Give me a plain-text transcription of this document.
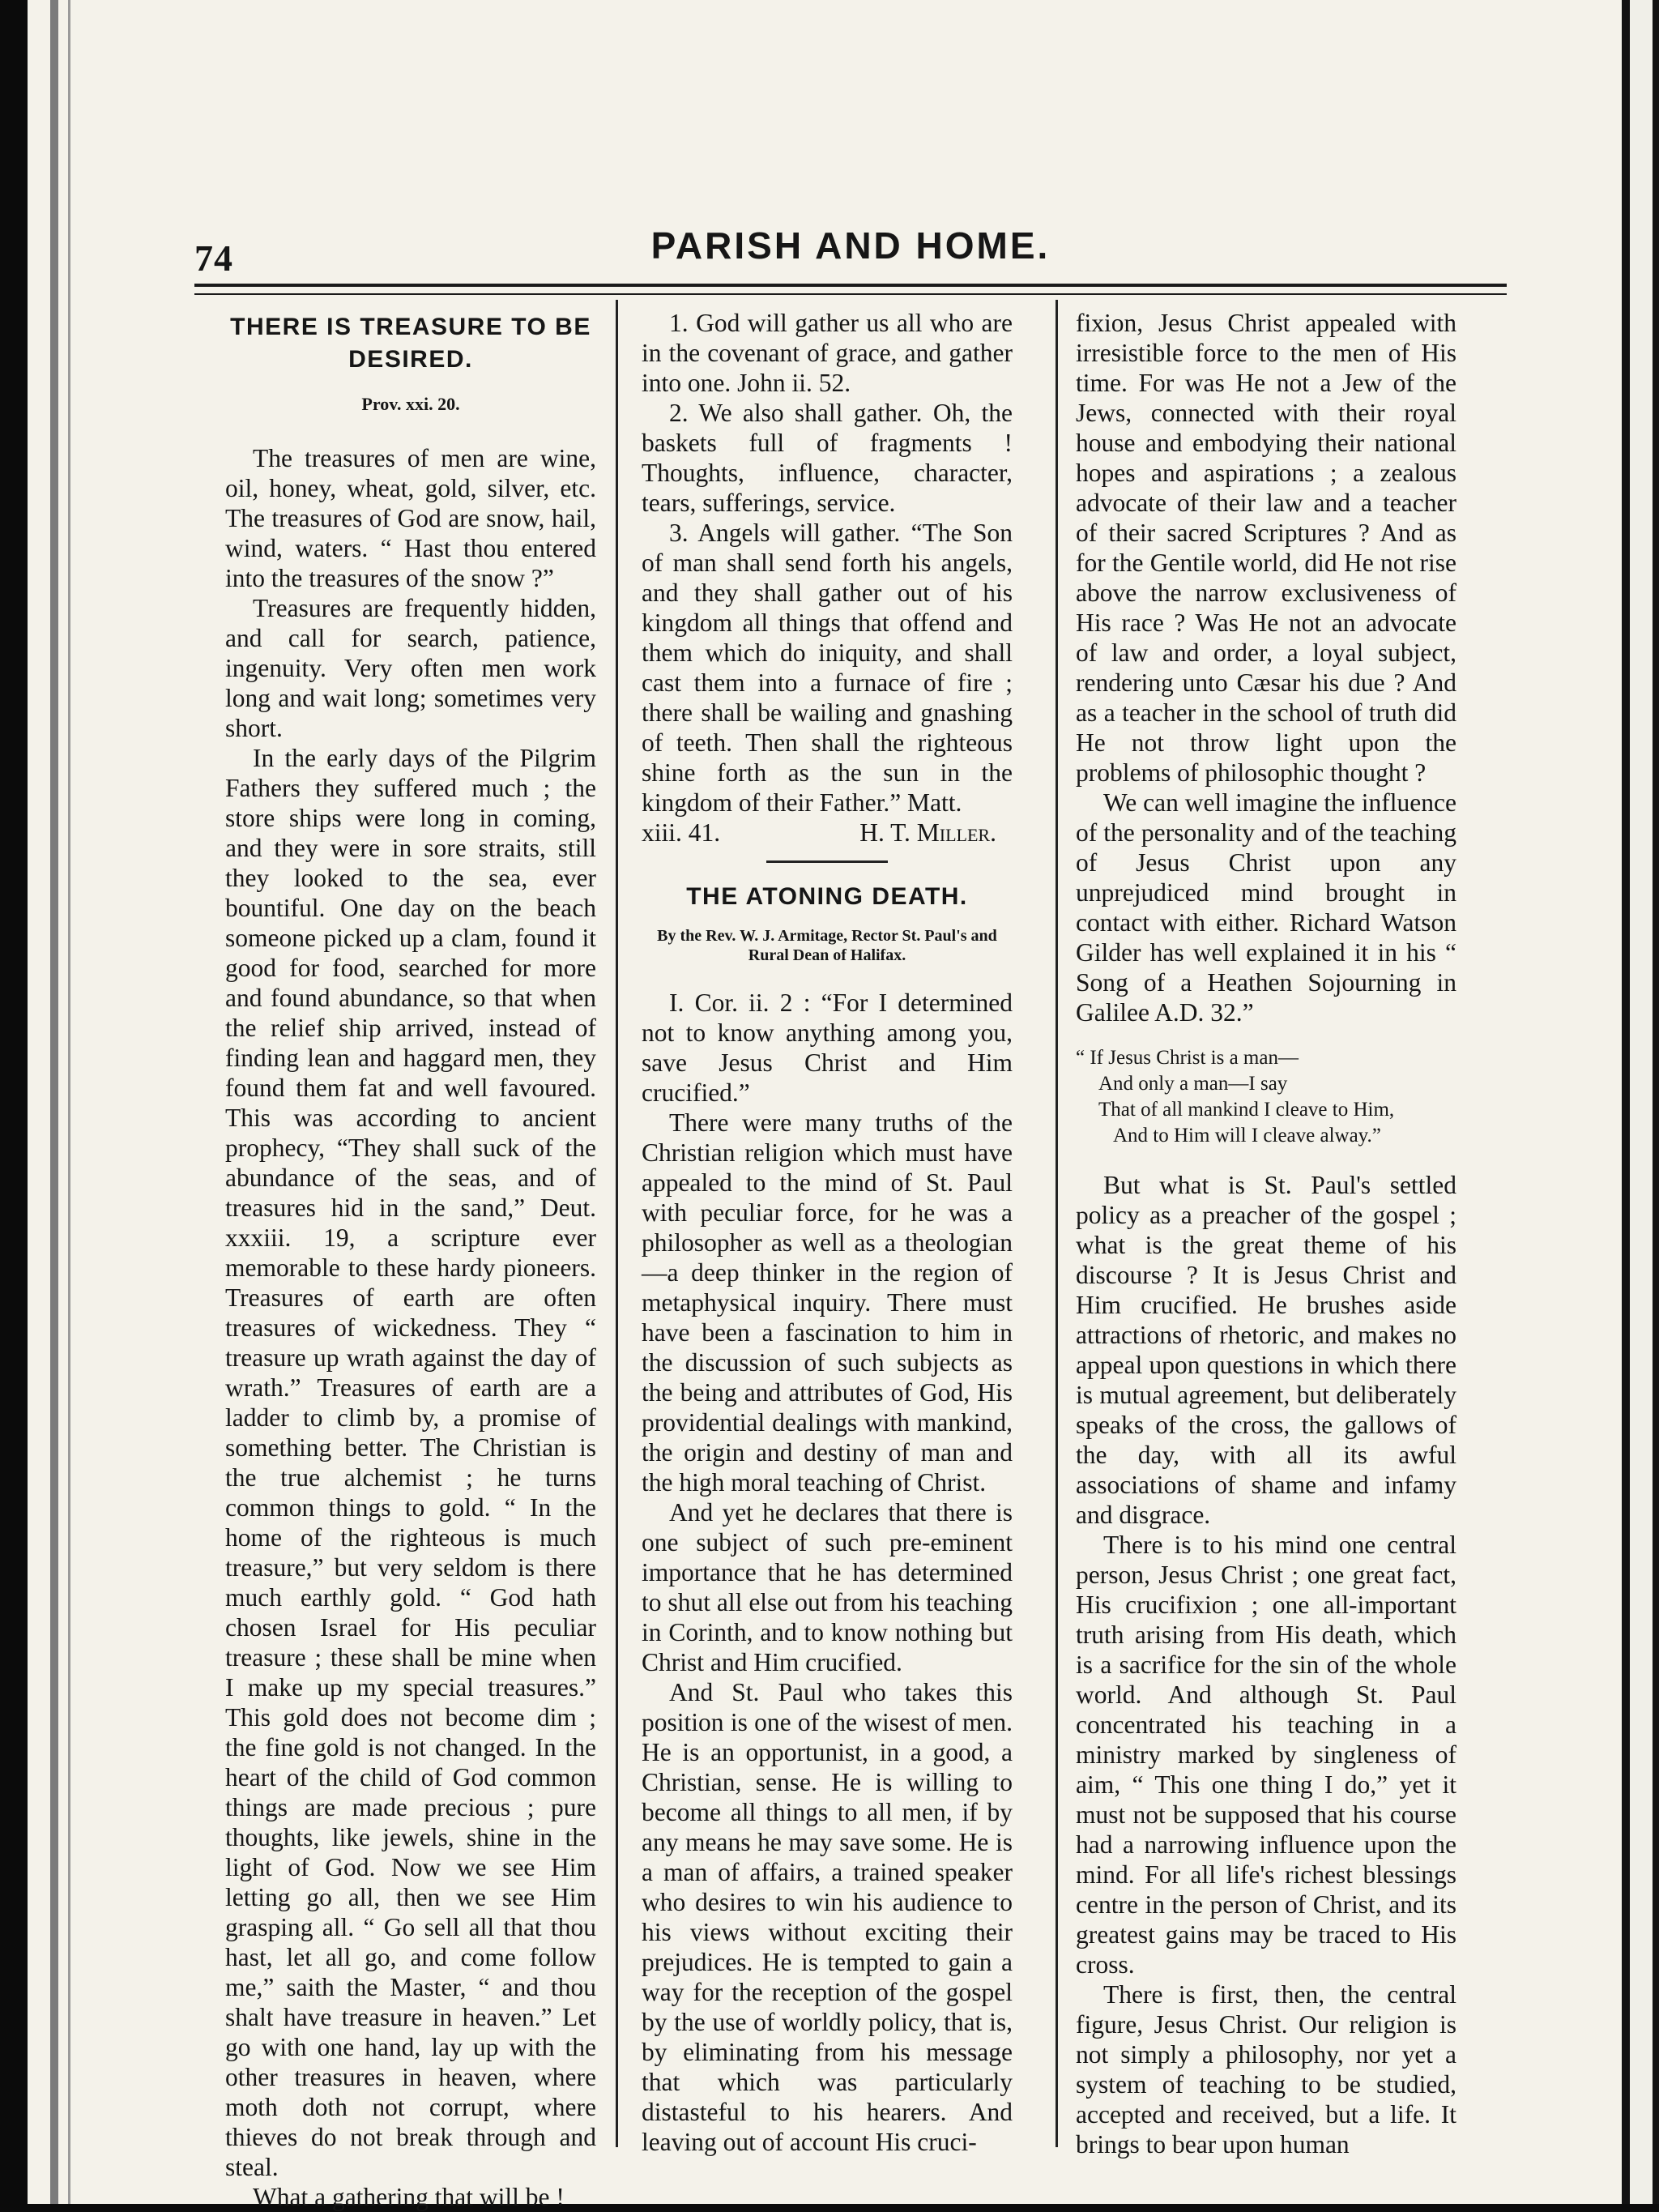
74	PARISH AND HOME.
THERE IS TREASURE TO BE DESIRED.
Prov. xxi. 20.

The treasures of men are wine, oil, honey, wheat, gold, silver, etc. The treasures of God are snow, hail, wind, waters. “ Hast thou entered into the treasures of the snow ?”

Treasures are frequently hidden, and call for search, patience, ingenuity. Very often men work long and wait long; sometimes very short.

In the early days of the Pilgrim Fathers they suffered much ; the store ships were long in coming, and they were in sore straits, still they looked to the sea, ever bountiful. One day on the beach someone picked up a clam, found it good for food, searched for more and found abundance, so that when the relief ship arrived, instead of finding lean and haggard men, they found them fat and well favoured. This was according to ancient prophecy, “They shall suck of the abundance of the seas, and of treasures hid in the sand,” Deut. xxxiii. 19, a scripture ever memorable to these hardy pioneers. Treasures of earth are often treasures of wickedness. They “ treasure up wrath against the day of wrath.” Treasures of earth are a ladder to climb by, a promise of something better. The Christian is the true alchemist ; he turns common things to gold. “ In the home of the righteous is much treasure,” but very seldom is there much earthly gold. “ God hath chosen Israel for His peculiar treasure ; these shall be mine when I make up my special treasures.” This gold does not become dim ; the fine gold is not changed. In the heart of the child of God common things are made precious ; pure thoughts, like jewels, shine in the light of God. Now we see Him letting go all, then we see Him grasping all. “ Go sell all that thou hast, let all go, and come follow me,” saith the Master, “ and thou shalt have treasure in heaven.” Let go with one hand, lay up with the other treasures in heaven, where moth doth not corrupt, where thieves do not break through and steal.

What a gathering that will be !

1. God will gather us all who are in the covenant of grace, and gather into one. John ii. 52.

2. We also shall gather. Oh, the baskets full of fragments ! Thoughts, influence, character, tears, sufferings, service.

3. Angels will gather. “The Son of man shall send forth his angels, and they shall gather out of his kingdom all things that offend and them which do iniquity, and shall cast them into a furnace of fire ; there shall be wailing and gnashing of teeth. Then shall the righteous shine forth as the sun in the kingdom of their Father.” Matt.

xiii. 41.	H. T. Miller.

THE ATONING DEATH.
By the Rev. W. J. Armitage, Rector St. Paul's and Rural Dean of Halifax.

I. Cor. ii. 2 : “For I determined not to know anything among you, save Jesus Christ and Him crucified.”

There were many truths of the Christian religion which must have appealed to the mind of St. Paul with peculiar force, for he was a philosopher as well as a theologian —a deep thinker in the region of metaphysical inquiry. There must have been a fascination to him in the discussion of such subjects as the being and attributes of God, His providential dealings with mankind, the origin and destiny of man and the high moral teaching of Christ.

And yet he declares that there is one subject of such pre-eminent importance that he has determined to shut all else out from his teaching in Corinth, and to know nothing but Christ and Him crucified.

And St. Paul who takes this position is one of the wisest of men. He is an opportunist, in a good, a Christian, sense. He is willing to become all things to all men, if by any means he may save some. He is a man of affairs, a trained speaker who desires to win his audience to his views without exciting their prejudices. He is tempted to gain a way for the reception of the gospel by the use of worldly policy, that is, by eliminating from his message that which was particularly distasteful to his hearers. And leaving out of account His cruci-

fixion, Jesus Christ appealed with irresistible force to the men of His time. For was He not a Jew of the Jews, connected with their royal house and embodying their national hopes and aspirations ; a zealous advocate of their law and a teacher of their sacred Scriptures ? And as for the Gentile world, did He not rise above the narrow exclusiveness of His race ? Was He not an advocate of law and order, a loyal subject, rendering unto Cæsar his due ? And as a teacher in the school of truth did He not throw light upon the problems of philosophic thought ?

We can well imagine the influence of the personality and of the teaching of Jesus Christ upon any unprejudiced mind brought in contact with either. Richard Watson Gilder has well explained it in his “ Song of a Heathen Sojourning in Galilee A.D. 32.”

“ If Jesus Christ is a man—
And only a man—I say
That of all mankind I cleave to Him,
And to Him will I cleave alway.”

But what is St. Paul's settled policy as a preacher of the gospel ; what is the great theme of his discourse ? It is Jesus Christ and Him crucified. He brushes aside attractions of rhetoric, and makes no appeal upon questions in which there is mutual agreement, but deliberately speaks of the cross, the gallows of the day, with all its awful associations of shame and infamy and disgrace.

There is to his mind one central person, Jesus Christ ; one great fact, His crucifixion ; one all-important truth arising from His death, which is a sacrifice for the sin of the whole world. And although St. Paul concentrated his teaching in a ministry marked by singleness of aim, “ This one thing I do,” yet it must not be supposed that his course had a narrowing influence upon the mind. For all life's richest blessings centre in the person of Christ, and its greatest gains may be traced to His cross.

There is first, then, the central figure, Jesus Christ. Our religion is not simply a philosophy, nor yet a system of teaching to be studied, accepted and received, but a life. It brings to bear upon human
